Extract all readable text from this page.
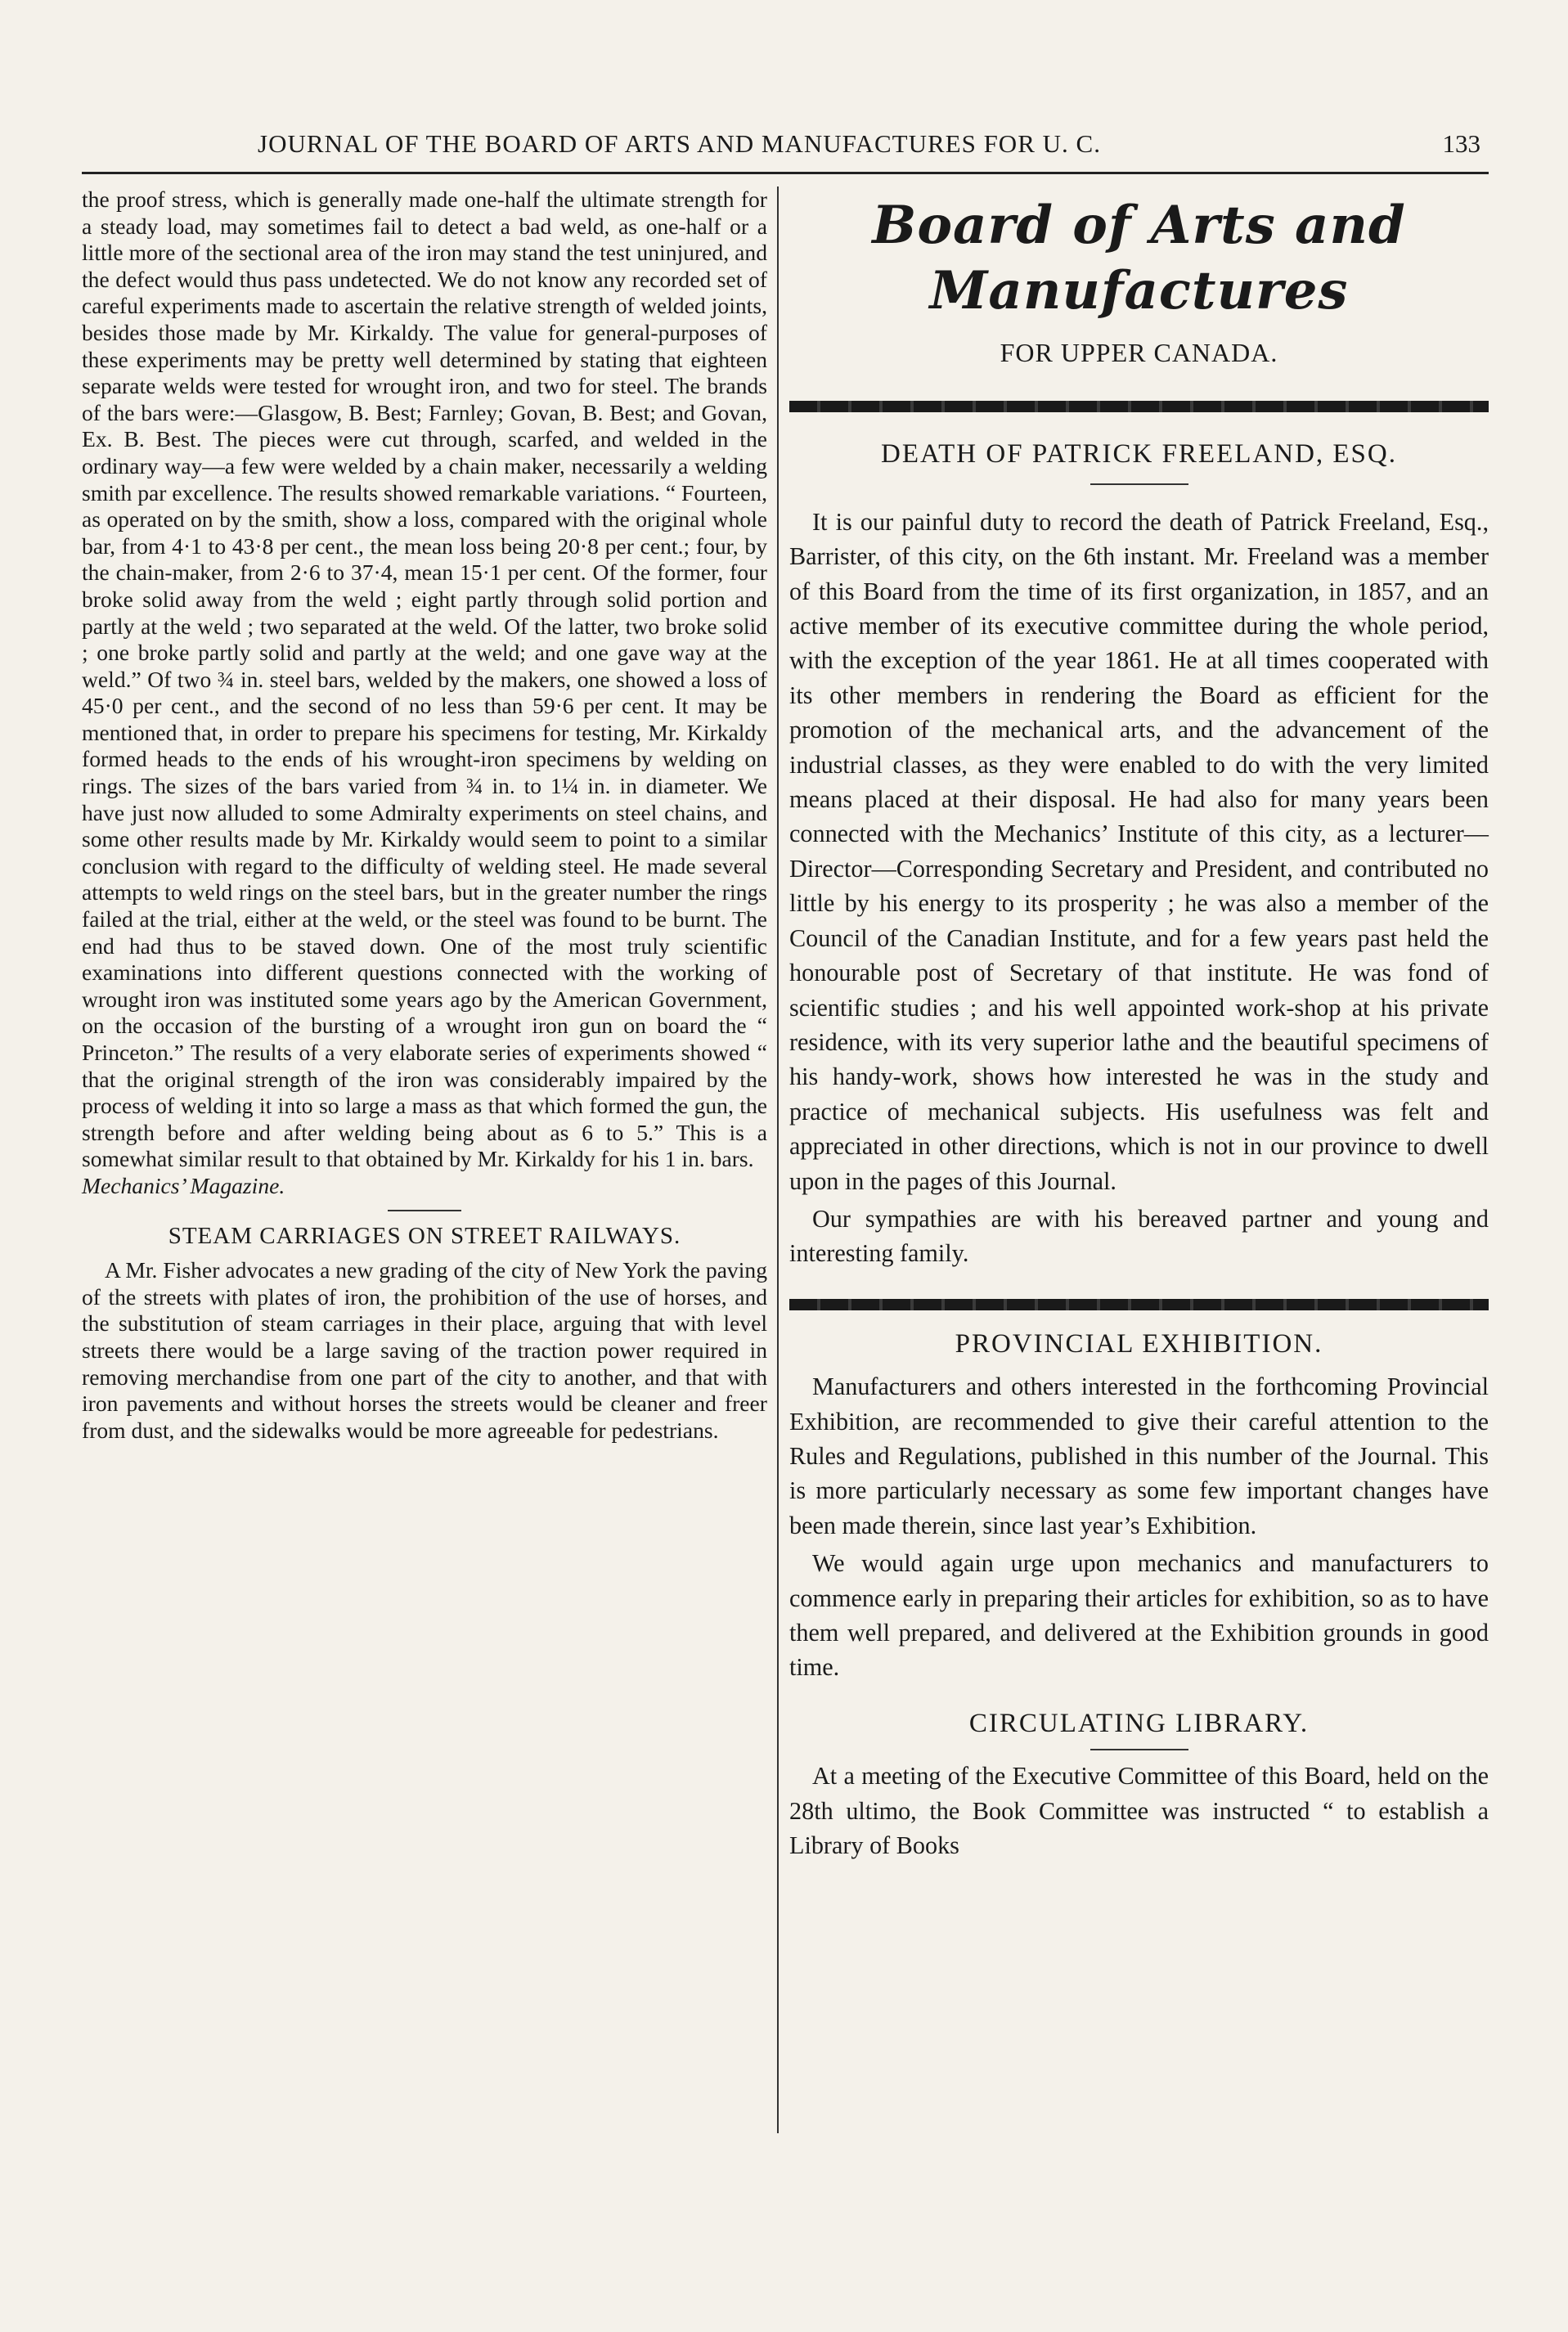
JOURNAL OF THE BOARD OF ARTS AND MANUFACTURES FOR U. C.	133

the proof stress, which is generally made one-half the ultimate strength for a steady load, may sometimes fail to detect a bad weld, as one-half or a little more of the sectional area of the iron may stand the test uninjured, and the defect would thus pass undetected. We do not know any recorded set of careful experiments made to ascertain the relative strength of welded joints, besides those made by Mr. Kirkaldy. The value for general-purposes of these experiments may be pretty well determined by stating that eighteen separate welds were tested for wrought iron, and two for steel. The brands of the bars were:—Glasgow, B. Best; Farnley; Govan, B. Best; and Govan, Ex. B. Best. The pieces were cut through, scarfed, and welded in the ordinary way—a few were welded by a chain maker, necessarily a welding smith par excellence. The results showed remarkable variations. “ Fourteen, as operated on by the smith, show a loss, compared with the original whole bar, from 4·1 to 43·8 per cent., the mean loss being 20·8 per cent.; four, by the chain-maker, from 2·6 to 37·4, mean 15·1 per cent. Of the former, four broke solid away from the weld ; eight partly through solid portion and partly at the weld ; two separated at the weld. Of the latter, two broke solid ; one broke partly solid and partly at the weld; and one gave way at the weld.” Of two ¾ in. steel bars, welded by the makers, one showed a loss of 45·0 per cent., and the second of no less than 59·6 per cent. It may be mentioned that, in order to prepare his specimens for testing, Mr. Kirkaldy formed heads to the ends of his wrought-iron specimens by welding on rings. The sizes of the bars varied from ¾ in. to 1¼ in. in diameter. We have just now alluded to some Admiralty experiments on steel chains, and some other results made by Mr. Kirkaldy would seem to point to a similar conclusion with regard to the difficulty of welding steel. He made several attempts to weld rings on the steel bars, but in the greater number the rings failed at the trial, either at the weld, or the steel was found to be burnt. The end had thus to be staved down. One of the most truly scientific examinations into different questions connected with the working of wrought iron was instituted some years ago by the American Government, on the occasion of the bursting of a wrought iron gun on board the “ Princeton.” The results of a very elaborate series of experiments showed “ that the original strength of the iron was considerably impaired by the process of welding it into so large a mass as that which formed the gun, the strength before and after welding being about as 6 to 5.” This is a somewhat similar result to that obtained by Mr. Kirkaldy for his 1 in. bars.

Mechanics’ Magazine.

STEAM CARRIAGES ON STREET RAILWAYS.

A Mr. Fisher advocates a new grading of the city of New York the paving of the streets with plates of iron, the prohibition of the use of horses, and the substitution of steam carriages in their place, arguing that with level streets there would be a large saving of the traction power required in removing merchandise from one part of the city to another, and that with iron pavements and without horses the streets would be cleaner and freer from dust, and the sidewalks would be more agreeable for pedestrians.

Board of Arts and Manufactures
FOR UPPER CANADA.
DEATH OF PATRICK FREELAND, ESQ.

It is our painful duty to record the death of Patrick Freeland, Esq., Barrister, of this city, on the 6th instant. Mr. Freeland was a member of this Board from the time of its first organization, in 1857, and an active member of its executive committee during the whole period, with the exception of the year 1861. He at all times cooperated with its other members in rendering the Board as efficient for the promotion of the mechanical arts, and the advancement of the industrial classes, as they were enabled to do with the very limited means placed at their disposal. He had also for many years been connected with the Mechanics’ Institute of this city, as a lecturer—Director—Corresponding Secretary and President, and contributed no little by his energy to its prosperity ; he was also a member of the Council of the Canadian Institute, and for a few years past held the honourable post of Secretary of that institute. He was fond of scientific studies ; and his well appointed work-shop at his private residence, with its very superior lathe and the beautiful specimens of his handy-work, shows how interested he was in the study and practice of mechanical subjects. His usefulness was felt and appreciated in other directions, which is not in our province to dwell upon in the pages of this Journal.

Our sympathies are with his bereaved partner and young and interesting family.

PROVINCIAL EXHIBITION.

Manufacturers and others interested in the forthcoming Provincial Exhibition, are recommended to give their careful attention to the Rules and Regulations, published in this number of the Journal. This is more particularly necessary as some few important changes have been made therein, since last year’s Exhibition.

We would again urge upon mechanics and manufacturers to commence early in preparing their articles for exhibition, so as to have them well prepared, and delivered at the Exhibition grounds in good time.

CIRCULATING LIBRARY.

At a meeting of the Executive Committee of this Board, held on the 28th ultimo, the Book Committee was instructed “ to establish a Library of Books
